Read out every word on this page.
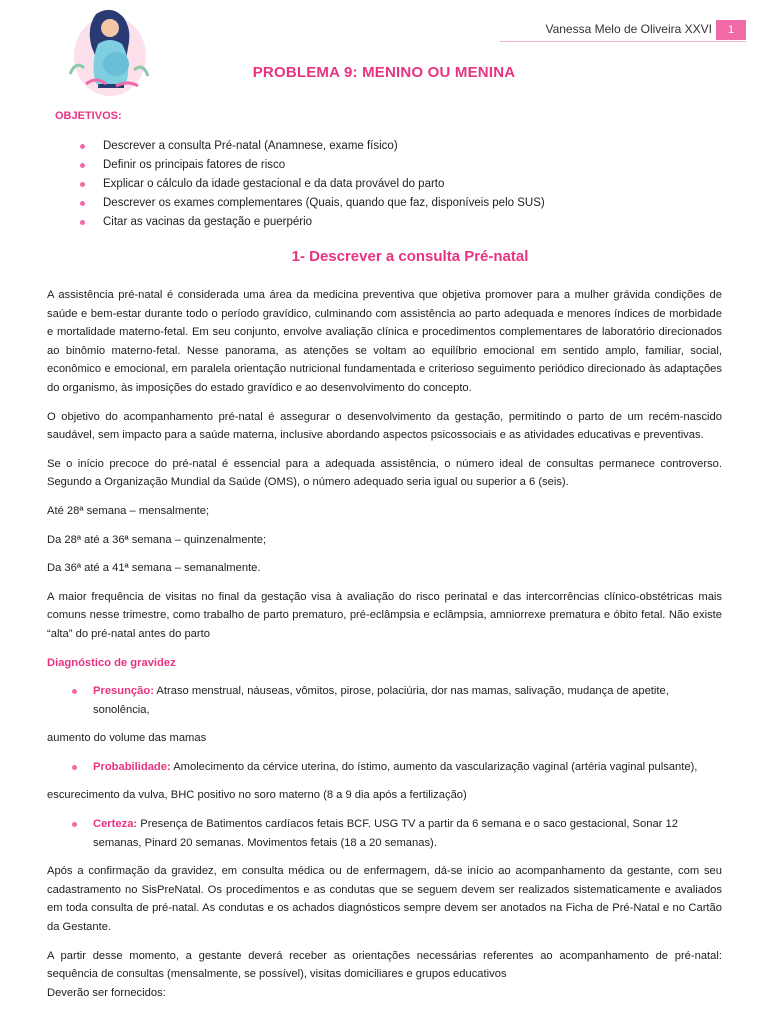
Vanessa Melo de Oliveira XXVI	1
PROBLEMA 9: MENINO OU MENINA
OBJETIVOS:
Descrever a consulta Pré-natal (Anamnese, exame físico)
Definir os principais fatores de risco
Explicar o cálculo da idade gestacional e da data provável do parto
Descrever os exames complementares (Quais, quando que faz, disponíveis pelo SUS)
Citar as vacinas da gestação e puerpério
1- Descrever a consulta Pré-natal

A assistência pré-natal é considerada uma área da medicina preventiva que objetiva promover para a mulher grávida condições de saúde e bem-estar durante todo o período gravídico, culminando com assistência ao parto adequada e menores índices de morbidade e mortalidade materno-fetal. Em seu conjunto, envolve avaliação clínica e procedimentos complementares de laboratório direcionados ao binômio materno-fetal. Nesse panorama, as atenções se voltam ao equilíbrio emocional em sentido amplo, familiar, social, econômico e emocional, em paralela orientação nutricional fundamentada e criterioso seguimento periódico direcionado às adaptações do organismo, às imposições do estado gravídico e ao desenvolvimento do concepto.

O objetivo do acompanhamento pré-natal é assegurar o desenvolvimento da gestação, permitindo o parto de um recém-nascido saudável, sem impacto para a saúde materna, inclusive abordando aspectos psicossociais e as atividades educativas e preventivas.

Se o início precoce do pré-natal é essencial para a adequada assistência, o número ideal de consultas permanece controverso. Segundo a Organização Mundial da Saúde (OMS), o número adequado seria igual ou superior a 6 (seis).

Até 28ª semana – mensalmente;

Da 28ª até a 36ª semana – quinzenalmente;

Da 36ª até a 41ª semana – semanalmente.

A maior frequência de visitas no final da gestação visa à avaliação do risco perinatal e das intercorrências clínico-obstétricas mais comuns nesse trimestre, como trabalho de parto prematuro, pré-eclâmpsia e eclâmpsia, amniorrexe prematura e óbito fetal. Não existe “alta” do pré-natal antes do parto

Diagnóstico de gravidez
Presunção: Atraso menstrual, náuseas, vômitos, pirose, polaciúria, dor nas mamas, salivação, mudança de apetite, sonolência,

aumento do volume das mamas

Probabilidade: Amolecimento da cérvice uterina, do ístimo, aumento da vascularização vaginal (artéria vaginal pulsante),

escurecimento da vulva, BHC positivo no soro materno (8 a 9 dia após a fertilização)

Certeza: Presença de Batimentos cardíacos fetais BCF. USG TV a partir da 6 semana e o saco gestacional, Sonar 12 semanas, Pinard 20 semanas. Movimentos fetais (18 a 20 semanas).

Após a confirmação da gravidez, em consulta médica ou de enfermagem, dá-se início ao acompanhamento da gestante, com seu cadastramento no SisPreNatal. Os procedimentos e as condutas que se seguem devem ser realizados sistematicamente e avaliados em toda consulta de pré-natal. As condutas e os achados diagnósticos sempre devem ser anotados na Ficha de Pré-Natal e no Cartão da Gestante.

A partir desse momento, a gestante deverá receber as orientações necessárias referentes ao acompanhamento de pré-natal: sequência de consultas (mensalmente, se possível), visitas domiciliares e grupos educativos

Deverão ser fornecidos:
